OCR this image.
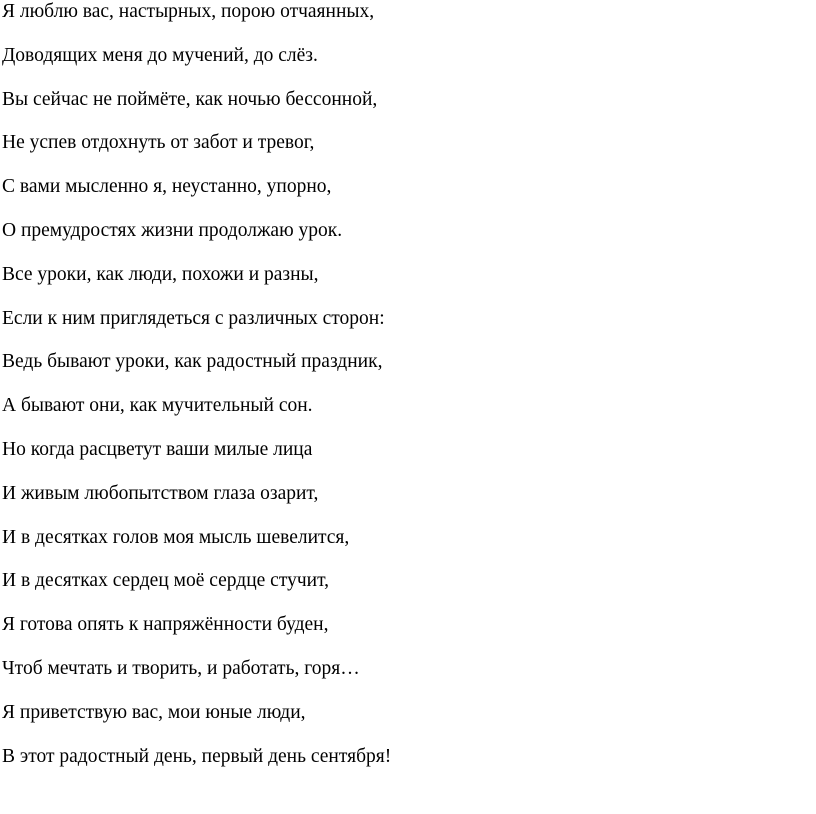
Я люблю вас, настырных, порою отчаянных,
Доводящих меня до мучений, до слёз.
Вы сейчас не поймёте, как ночью бессонной,
Не успев отдохнуть от забот и тревог,
С вами мысленно я, неустанно, упорно,
О премудростях жизни продолжаю урок.
Все уроки, как люди, похожи и разны,
Если к ним приглядеться с различных сторон:
Ведь бывают уроки, как радостный праздник,
А бывают они, как мучительный сон.
Но когда расцветут ваши милые лица
И живым любопытством глаза озарит,
И в десятках голов моя мысль шевелится,
И в десятках сердец моё сердце стучит,
Я готова опять к напряжённости буден,
Чтоб мечтать и творить, и работать, горя…
Я приветствую вас, мои юные люди,
В этот радостный день, первый день сентября!
